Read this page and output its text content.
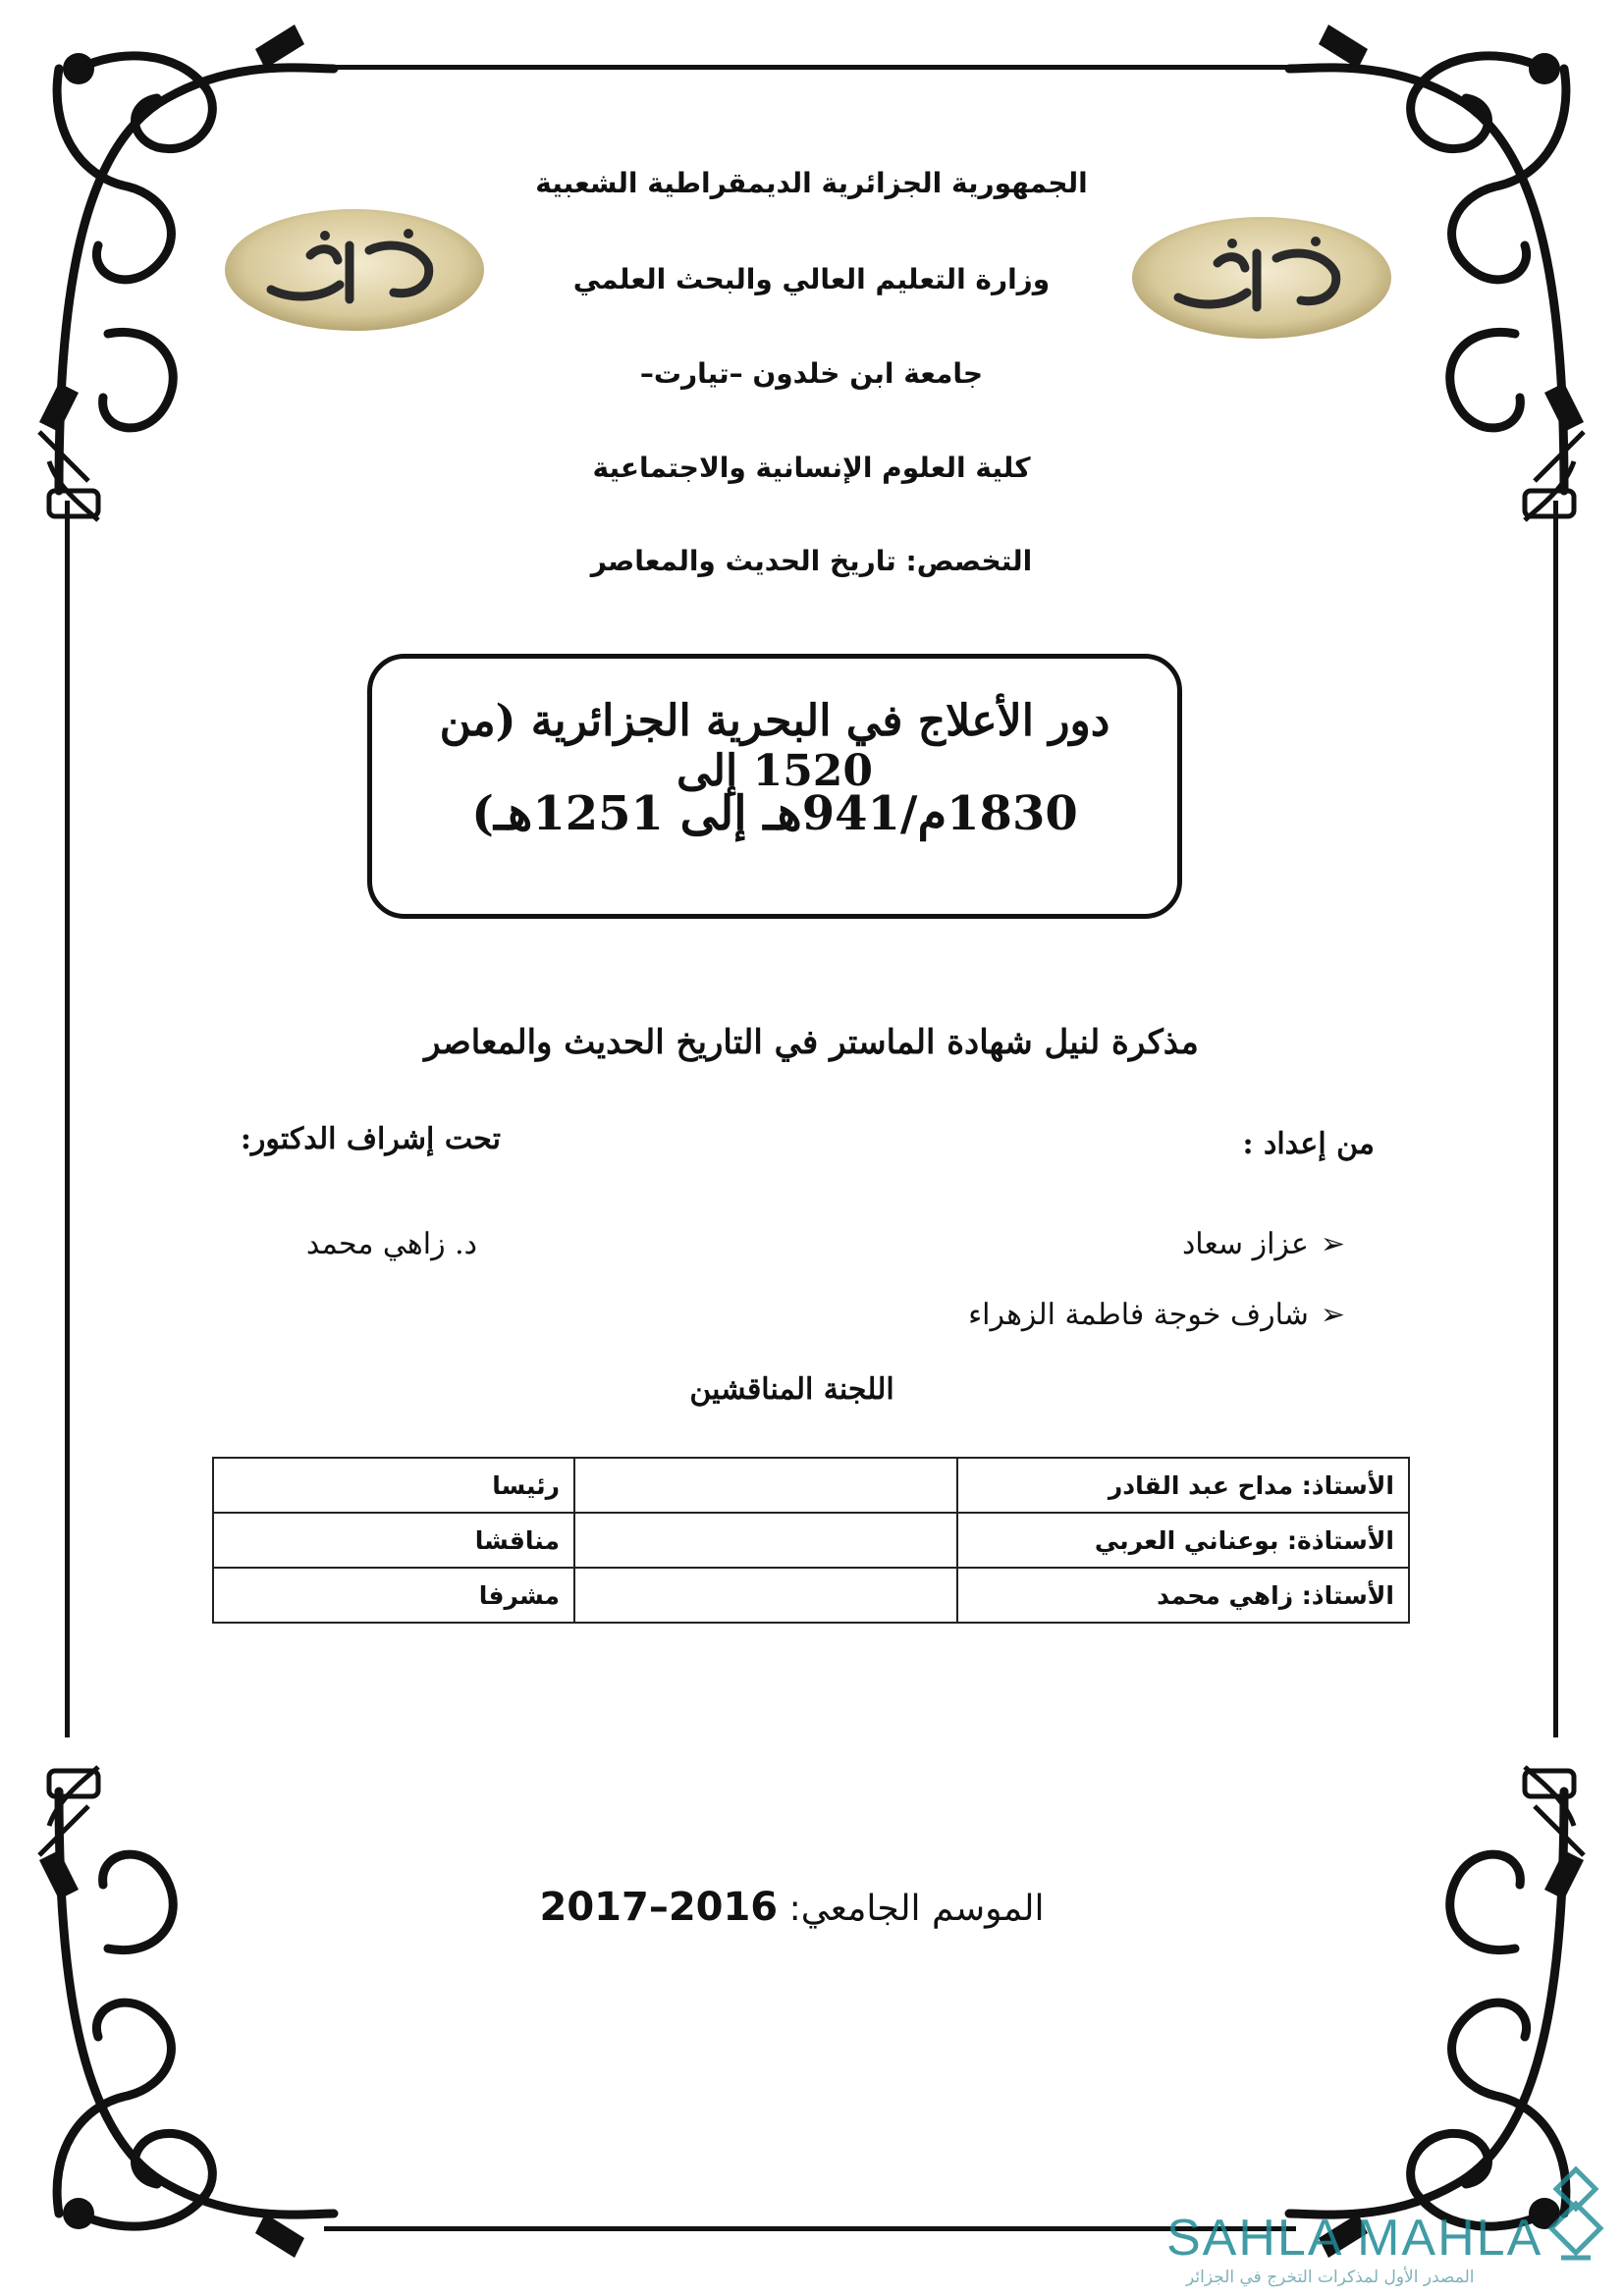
الجمهورية الجزائرية الديمقراطية الشعبية
وزارة التعليم العالي والبحث العلمي
جامعة ابن خلدون –تيارت–
كلية العلوم الإنسانية والاجتماعية
التخصص: تاريخ الحديث والمعاصر
دور الأعلاج في البحرية الجزائرية (من 1520 إلى
1830م/941هـ إلى 1251هـ)
مذكرة لنيل شهادة الماستر في التاريخ الحديث والمعاصر
من إعداد :
تحت إشراف الدكتور:
➢عزاز سعاد
➢شارف خوجة فاطمة الزهراء
د. زاهي محمد
اللجنة المناقشين
الأستاذ: مداح عبد القادر		رئيسا
الأستاذة: بوعناني العربي		مناقشا
الأستاذ: زاهي محمد		مشرفا
الموسم الجامعي: 2016–2017
SAHLA MAHLA
المصدر الأول لمذكرات التخرج في الجزائر
